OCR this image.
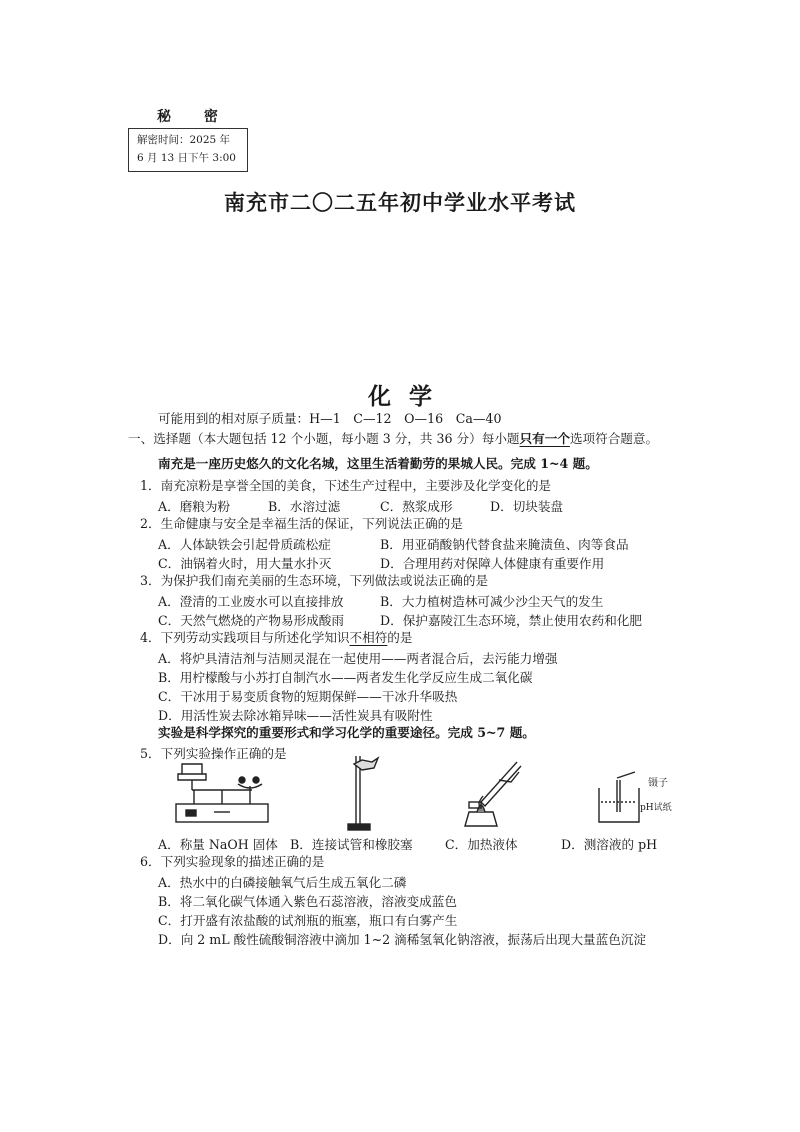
秘 密
解密时间：2025 年
6 月 13 日下午 3:00
南充市二〇二五年初中学业水平考试
化学
可能用到的相对原子质量：H—1　C—12　O—16　Ca—40
一、选择题（本大题包括 12 个小题，每小题 3 分，共 36 分）每小题只有一个选项符合题意。
南充是一座历史悠久的文化名城，这里生活着勤劳的果城人民。完成 1~4 题。
1．南充凉粉是享誉全国的美食，下述生产过程中，主要涉及化学变化的是
A．磨粮为粉	B．水溶过滤	C．熬浆成形	D．切块装盘
2．生命健康与安全是幸福生活的保证，下列说法正确的是
A．人体缺铁会引起骨质疏松症	B．用亚硝酸钠代替食盐来腌渍鱼、肉等食品
C．油锅着火时，用大量水扑灭	D．合理用药对保障人体健康有重要作用
3．为保护我们南充美丽的生态环境，下列做法或说法正确的是
A．澄清的工业废水可以直接排放	B．大力植树造林可减少沙尘天气的发生
C．天然气燃烧的产物易形成酸雨	D．保护嘉陵江生态环境，禁止使用农药和化肥
4．下列劳动实践项目与所述化学知识不相符的是
A．将炉具清洁剂与洁厕灵混在一起使用——两者混合后，去污能力增强
B．用柠檬酸与小苏打自制汽水——两者发生化学反应生成二氧化碳
C．干冰用于易变质食物的短期保鲜——干冰升华吸热
D．用活性炭去除冰箱异味——活性炭具有吸附性
实验是科学探究的重要形式和学习化学的重要途径。完成 5~7 题。
5．下列实验操作正确的是
A．称量 NaOH 固体 B．连接试管和橡胶塞	C．加热液体
镊子
pH试纸
D．测溶液的 pH
6．下列实验现象的描述正确的是
A．热水中的白磷接触氧气后生成五氧化二磷
B．将二氧化碳气体通入紫色石蕊溶液，溶液变成蓝色
C．打开盛有浓盐酸的试剂瓶的瓶塞，瓶口有白雾产生
D．向 2 mL 酸性硫酸铜溶液中滴加 1~2 滴稀氢氧化钠溶液，振荡后出现大量蓝色沉淀
